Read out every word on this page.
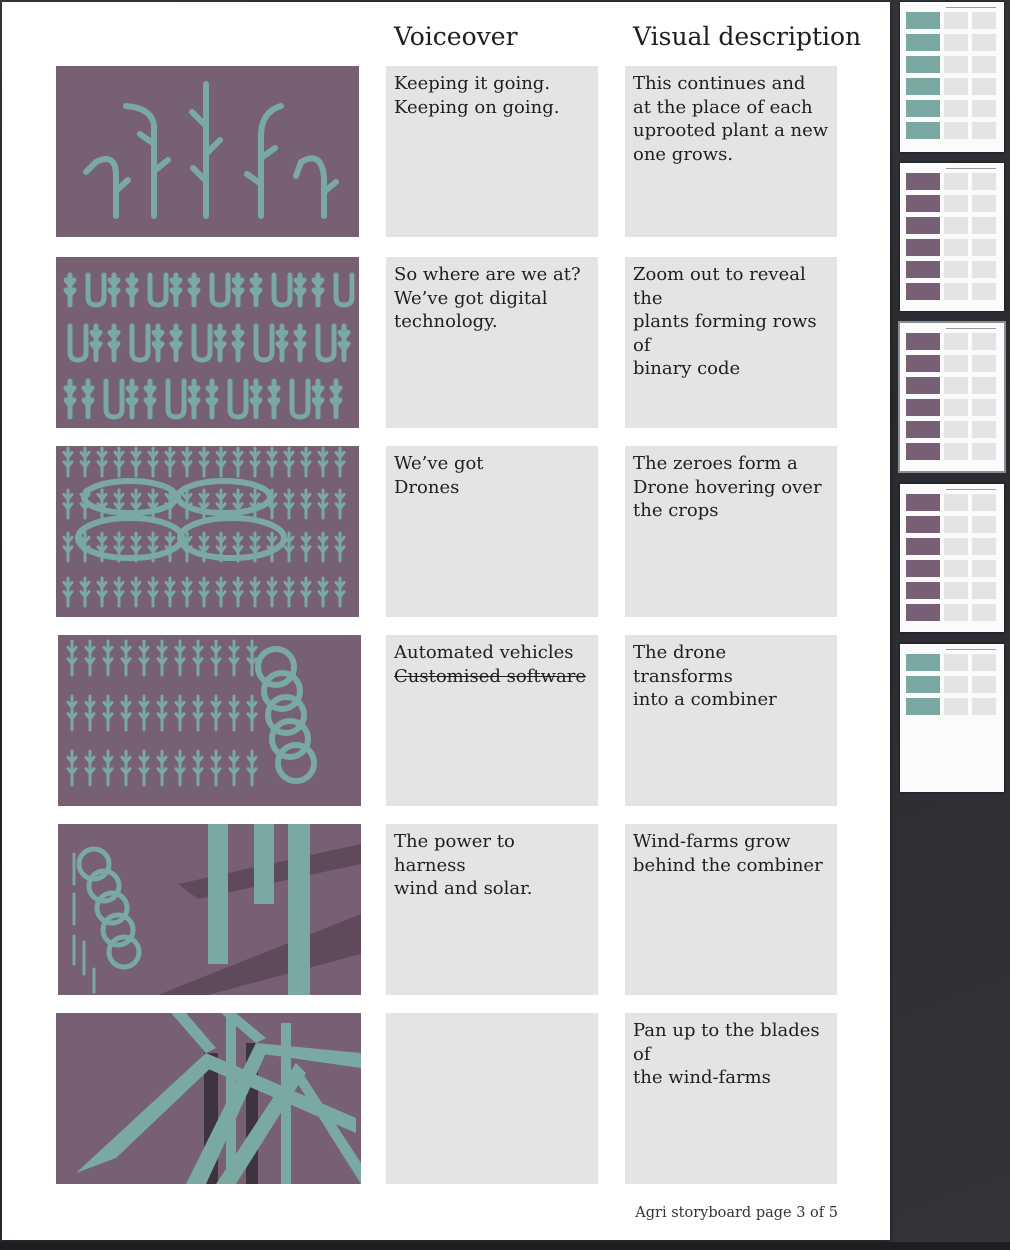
Voiceover	Visual description
Keeping it going.
Keeping on going.
This continues and
at the place of each
uprooted plant a new
one grows.
So where are we at?
We’ve got digital
technology.
Zoom out to reveal the
plants forming rows of
binary code
We’ve got
Drones
The zeroes form a
Drone hovering over
the crops
Automated vehicles
Customised software
The drone transforms
into a combiner
The power to harness
wind and solar.
Wind-farms grow
behind the combiner
Pan up to the blades of
the wind-farms
Agri storyboard page 3 of 5
